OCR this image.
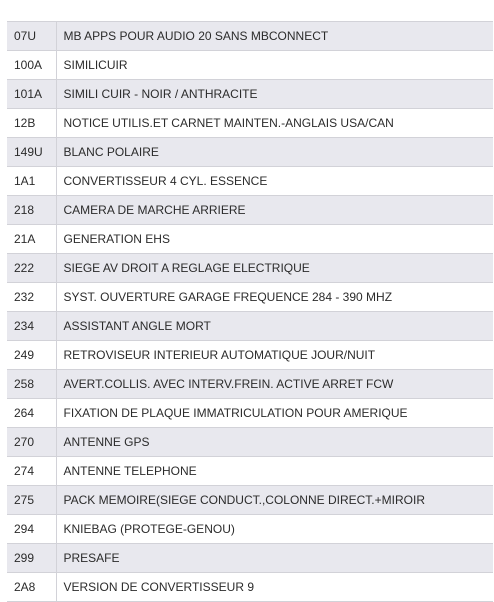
07U	MB APPS POUR AUDIO 20 SANS MBCONNECT
100A	SIMILICUIR
101A	SIMILI CUIR - NOIR / ANTHRACITE
12B	NOTICE UTILIS.ET CARNET MAINTEN.-ANGLAIS USA/CAN
149U	BLANC POLAIRE
1A1	CONVERTISSEUR 4 CYL. ESSENCE
218	CAMERA DE MARCHE ARRIERE
21A	GENERATION EHS
222	SIEGE AV DROIT A REGLAGE ELECTRIQUE
232	SYST. OUVERTURE GARAGE FREQUENCE 284 - 390 MHZ
234	ASSISTANT ANGLE MORT
249	RETROVISEUR INTERIEUR AUTOMATIQUE JOUR/NUIT
258	AVERT.COLLIS. AVEC INTERV.FREIN. ACTIVE ARRET FCW
264	FIXATION DE PLAQUE IMMATRICULATION POUR AMERIQUE
270	ANTENNE GPS
274	ANTENNE TELEPHONE
275	PACK MEMOIRE(SIEGE CONDUCT.,COLONNE DIRECT.+MIROIR
294	KNIEBAG (PROTEGE-GENOU)
299	PRESAFE
2A8	VERSION DE CONVERTISSEUR 9
